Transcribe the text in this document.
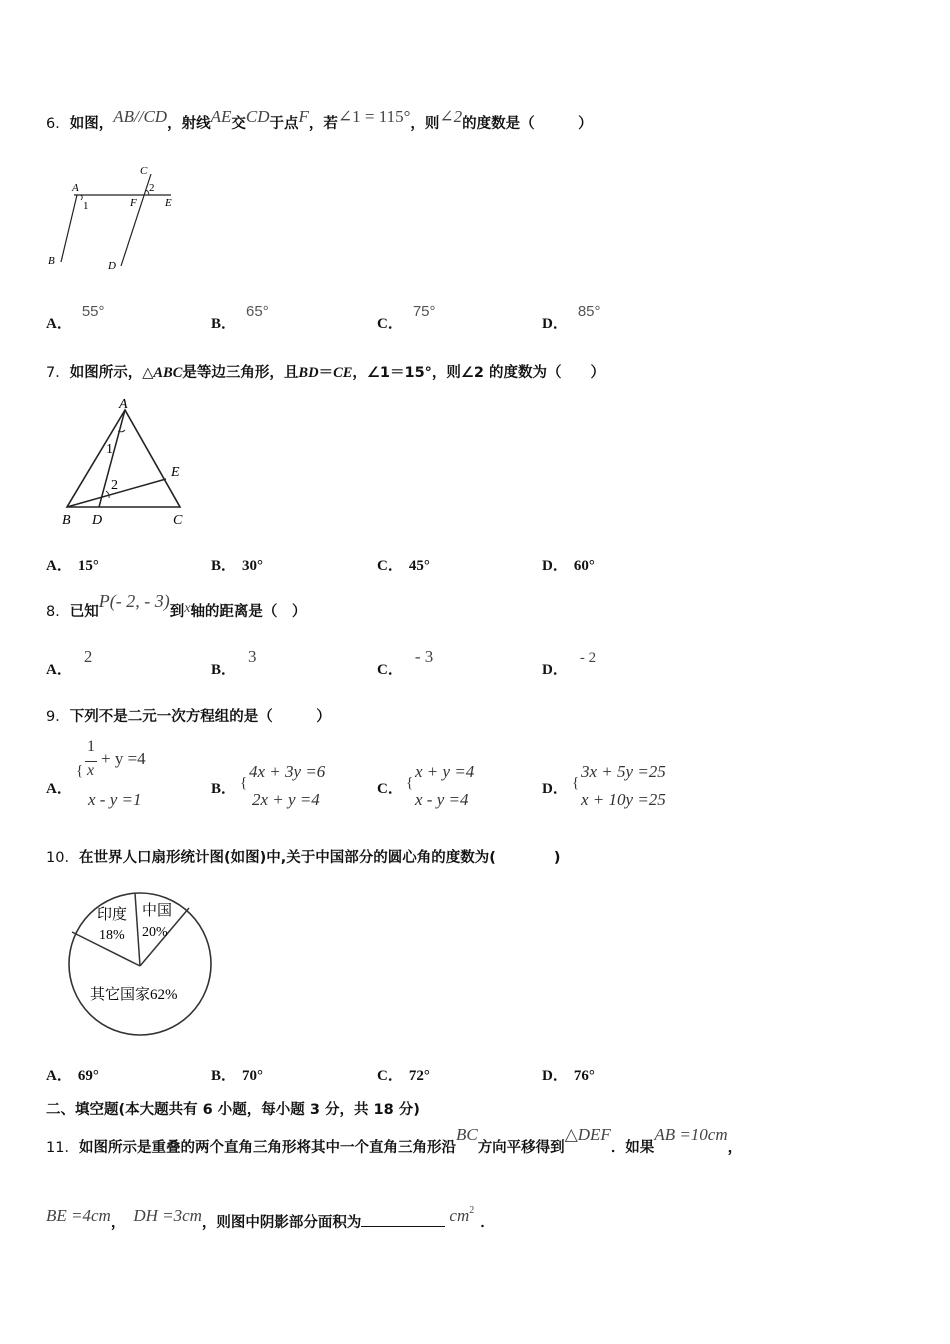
6．如图，AB//CD，射线AE交CD于点F，若∠1 = 115°，则∠2的度数是（　　　）
A
1
C
2
F	E
B	D
A．55°
B．65°
C．75°
D．85°
7．如图所示，△ABC是等边三角形，且BD＝CE，∠1＝15°，则∠2 的度数为（　　）
A
1
2
E
B D	C
A． 15°	B． 30°	C． 45°	D． 60°
8．已知P(- 2, - 3)到x轴的距离是（　）
A．2
B．3
C．- 3
D．- 2
9．下列不是二元一次方程组的是（　　　）
A．
{
1
x
+ y =4
x - y =1
B． {
4x + 3y =6
2x + y =4
C． {
x + y =4
x - y =4
D． {
3x + 5y =25
x + 10y =25
10．在世界人口扇形统计图(如图)中,关于中国部分的圆心角的度数为(　　　　)
印度
18%
中国
20%
其它国家62%
A． 69°	B． 70°	C． 72°	D． 76°
二、填空题(本大题共有 6 小题，每小题 3 分，共 18 分)
11．如图所示是重叠的两个直角三角形将其中一个直角三角形沿BC方向平移得到△DEF．如果AB =10cm，
BE =4cm， DH =3cm，则图中阴影部分面积为	$cm^2$．
